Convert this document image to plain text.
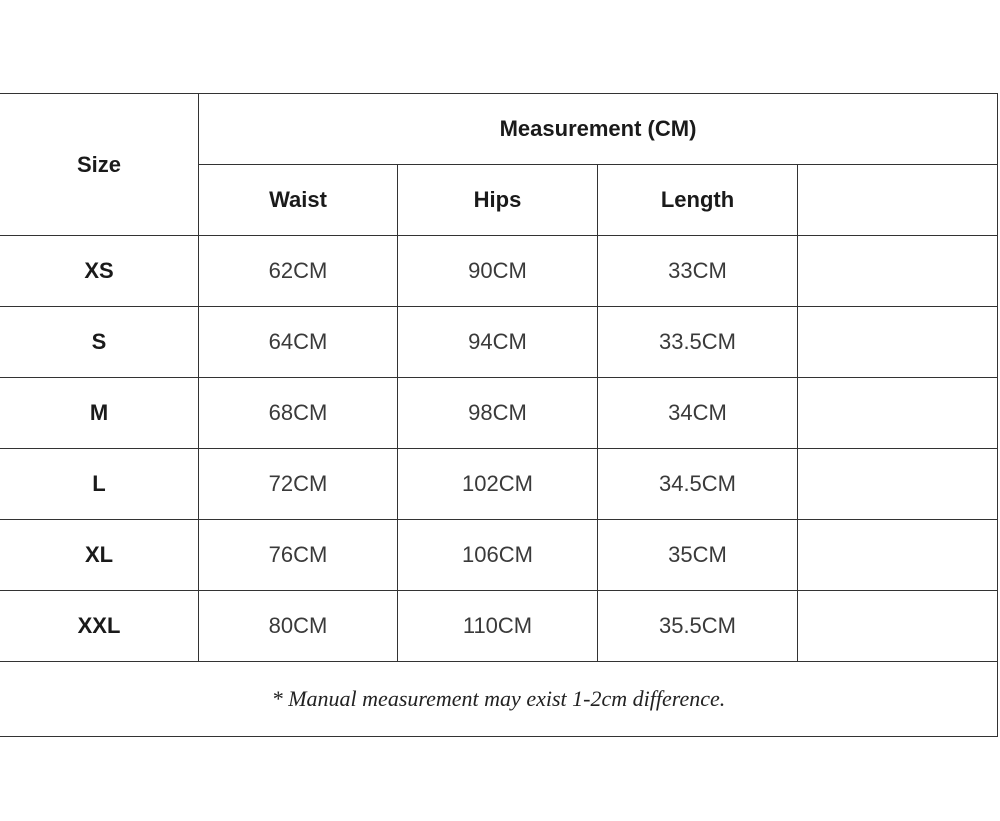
Size	Measurement (CM)			
	Waist	Hips	Length	
XS	62CM	90CM	33CM	
S	64CM	94CM	33.5CM	
M	68CM	98CM	34CM	
L	72CM	102CM	34.5CM	
XL	76CM	106CM	35CM	
XXL	80CM	110CM	35.5CM	
* Manual measurement may exist 1-2cm difference.				
